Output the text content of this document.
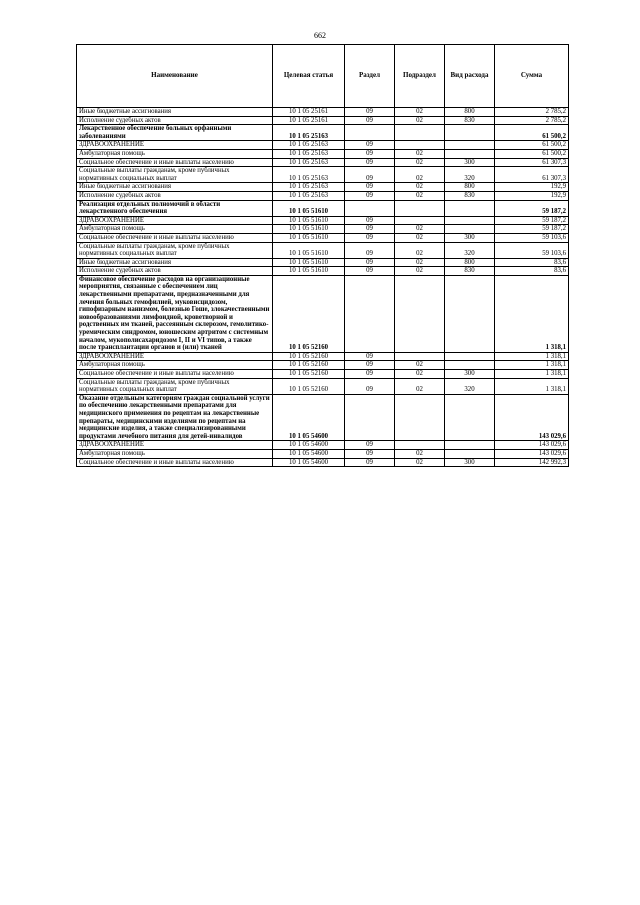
662
Наименование	Целевая статья	Раздел	Подраздел	Вид расхода	Сумма
Иные бюджетные ассигнования	10 1 05 25161	09	02	800	2 785,2
Исполнение судебных актов	10 1 05 25161	09	02	830	2 785,2
Лекарственное обеспечение больных орфанными заболеваниями	10 1 05 25163				61 500,2
ЗДРАВООХРАНЕНИЕ	10 1 05 25163	09			61 500,2
Амбулаторная помощь	10 1 05 25163	09	02		61 500,2
Социальное обеспечение и иные выплаты населению	10 1 05 25163	09	02	300	61 307,3
Социальные выплаты гражданам, кроме публичных нормативных социальных выплат	10 1 05 25163	09	02	320	61 307,3
Иные бюджетные ассигнования	10 1 05 25163	09	02	800	192,9
Исполнение судебных актов	10 1 05 25163	09	02	830	192,9
Реализация отдельных полномочий в области лекарственного обеспечения	10 1 05 51610				59 187,2
ЗДРАВООХРАНЕНИЕ	10 1 05 51610	09			59 187,2
Амбулаторная помощь	10 1 05 51610	09	02		59 187,2
Социальное обеспечение и иные выплаты населению	10 1 05 51610	09	02	300	59 103,6
Социальные выплаты гражданам, кроме публичных нормативных социальных выплат	10 1 05 51610	09	02	320	59 103,6
Иные бюджетные ассигнования	10 1 05 51610	09	02	800	83,6
Исполнение судебных актов	10 1 05 51610	09	02	830	83,6
Финансовое обеспечение расходов на организационные мероприятия, связанные с обеспечением лиц лекарственными препаратами, предназначенными для лечения больных гемофилией, муковисцидозом, гипофизарным нанизмом, болезнью Гоше, злокачественными новообразованиями лимфоидной, кроветворной и родственных им тканей, рассеянным склерозом, гемолитико-уремическим синдромом, юношеским артритом с системным началом, мукополисахаридозом I, II и VI типов, а также после трансплантации органов и (или) тканей	10 1 05 52160				1 318,1
ЗДРАВООХРАНЕНИЕ	10 1 05 52160	09			1 318,1
Амбулаторная помощь	10 1 05 52160	09	02		1 318,1
Социальное обеспечение и иные выплаты населению	10 1 05 52160	09	02	300	1 318,1
Социальные выплаты гражданам, кроме публичных нормативных социальных выплат	10 1 05 52160	09	02	320	1 318,1
Оказание отдельным категориям граждан социальной услуги по обеспечению лекарственными препаратами для медицинского применения по рецептам на лекарственные препараты, медицинскими изделиями по рецептам на медицинские изделия, а также специализированными продуктами лечебного питания для детей-инвалидов	10 1 05 54600				143 029,6
ЗДРАВООХРАНЕНИЕ	10 1 05 54600	09			143 029,6
Амбулаторная помощь	10 1 05 54600	09	02		143 029,6
Социальное обеспечение и иные выплаты населению	10 1 05 54600	09	02	300	142 992,3
